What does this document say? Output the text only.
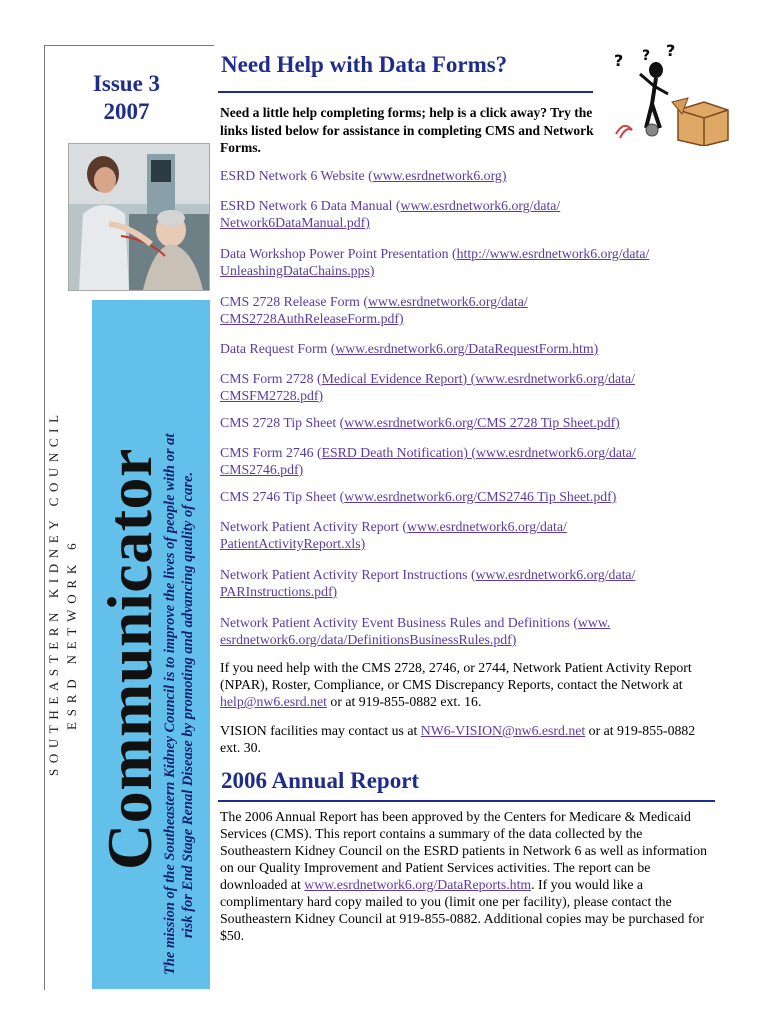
Issue 3
2007
SOUTHEASTERN KIDNEY COUNCIL ESRD NETWORK 6 Communicator
The mission of the Southeastern Kidney Council is to improve the lives of people with or at risk for End Stage Renal Disease by promoting and advancing quality of care.
Need Help with Data Forms?	? ? ?
Need a little help completing forms; help is a click away? Try the links listed below for assistance in completing CMS and Network Forms.
ESRD Network 6 Website (www.esrdnetwork6.org)
ESRD Network 6 Data Manual (www.esrdnetwork6.org/data/
Network6DataManual.pdf)
Data Workshop Power Point Presentation (http://www.esrdnetwork6.org/data/
UnleashingDataChains.pps)
CMS 2728 Release Form (www.esrdnetwork6.org/data/
CMS2728AuthReleaseForm.pdf)
Data Request Form (www.esrdnetwork6.org/DataRequestForm.htm)
CMS Form 2728 (Medical Evidence Report) (www.esrdnetwork6.org/data/
CMSFM2728.pdf)
CMS 2728 Tip Sheet (www.esrdnetwork6.org/CMS 2728 Tip Sheet.pdf)
CMS Form 2746 (ESRD Death Notification) (www.esrdnetwork6.org/data/
CMS2746.pdf)
CMS 2746 Tip Sheet (www.esrdnetwork6.org/CMS2746 Tip Sheet.pdf)
Network Patient Activity Report (www.esrdnetwork6.org/data/
PatientActivityReport.xls)
Network Patient Activity Report Instructions (www.esrdnetwork6.org/data/
PARInstructions.pdf)
Network Patient Activity Event Business Rules and Definitions (www.
esrdnetwork6.org/data/DefinitionsBusinessRules.pdf)
If you need help with the CMS 2728, 2746, or 2744, Network Patient Activity Report (NPAR), Roster, Compliance, or CMS Discrepancy Reports, contact the Network at help@nw6.esrd.net or at 919-855-0882 ext. 16.
VISION facilities may contact us at NW6-VISION@nw6.esrd.net or at 919-855-0882 ext. 30.
2006 Annual Report
The 2006 Annual Report has been approved by the Centers for Medicare & Medicaid Services (CMS). This report contains a summary of the data collected by the Southeastern Kidney Council on the ESRD patients in Network 6 as well as information on our Quality Improvement and Patient Services activities. The report can be downloaded at www.esrdnetwork6.org/DataReports.htm. If you would like a complimentary hard copy mailed to you (limit one per facility), please contact the Southeastern Kidney Council at 919-855-0882. Additional copies may be purchased for $50.
